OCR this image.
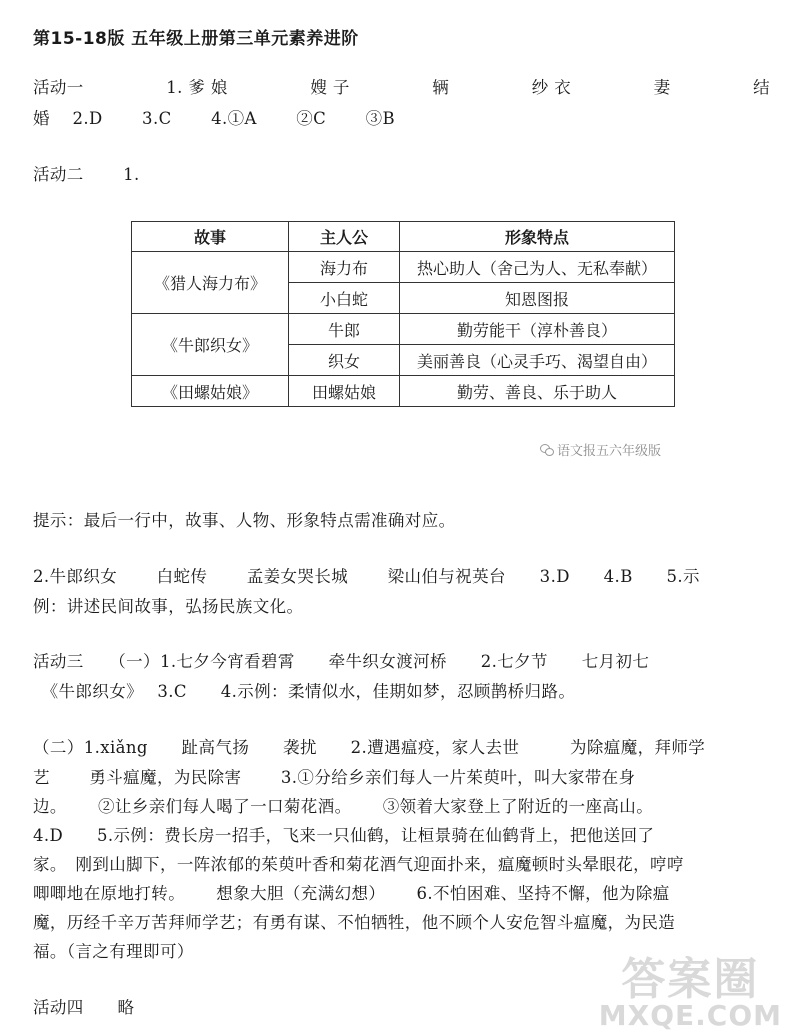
第15-18版 五年级上册第三单元素养进阶
活动一	1. 爹 娘	嫂 子	辆	纱 衣	妻	结
婚　 2.D　　 3.C　　 4.①A　　 ②C　　 ③B
活动二　　 1.
故事	主人公	形象特点
《猎人海力布》	海力布	热心助人（舍己为人、无私奉献）
	小白蛇	知恩图报
《牛郎织女》	牛郎	勤劳能干（淳朴善良）
	织女	美丽善良（心灵手巧、渴望自由）
《田螺姑娘》	田螺姑娘	勤劳、善良、乐于助人
语文报五六年级版
提示：最后一行中，故事、人物、形象特点需准确对应。
2.牛郎织女　　 白蛇传　　 孟姜女哭长城　　 梁山伯与祝英台　　3.D　　4.B　　5.示
例：讲述民间故事，弘扬民族文化。
活动三　　（一）1.七夕今宵看碧霄　　牵牛织女渡河桥　　2.七夕节　　七月初七
　《牛郎织女》　 3.C　　4.示例：柔情似水，佳期如梦，忍顾鹊桥归路。
（二）1.xiǎng　　趾高气扬　　袭扰　　2.遭遇瘟疫，家人去世　　　为除瘟魔，拜师学
艺　　 勇斗瘟魔，为民除害　　 3.①分给乡亲们每人一片茱萸叶，叫大家带在身
边。　　 ②让乡亲们每人喝了一口菊花酒。　　 ③领着大家登上了附近的一座高山。
4.D　　5.示例：费长房一招手，飞来一只仙鹤，让桓景骑在仙鹤背上，把他送回了
家。　刚到山脚下，一阵浓郁的茱萸叶香和菊花酒气迎面扑来，瘟魔顿时头晕眼花，哼哼
唧唧地在原地打转。　　 想象大胆（充满幻想）　　 6.不怕困难、坚持不懈，他为除瘟
魔，历经千辛万苦拜师学艺；有勇有谋、不怕牺牲，他不顾个人安危智斗瘟魔，为民造
福。（言之有理即可）
活动四　　略
答案圈
MXQE.COM
